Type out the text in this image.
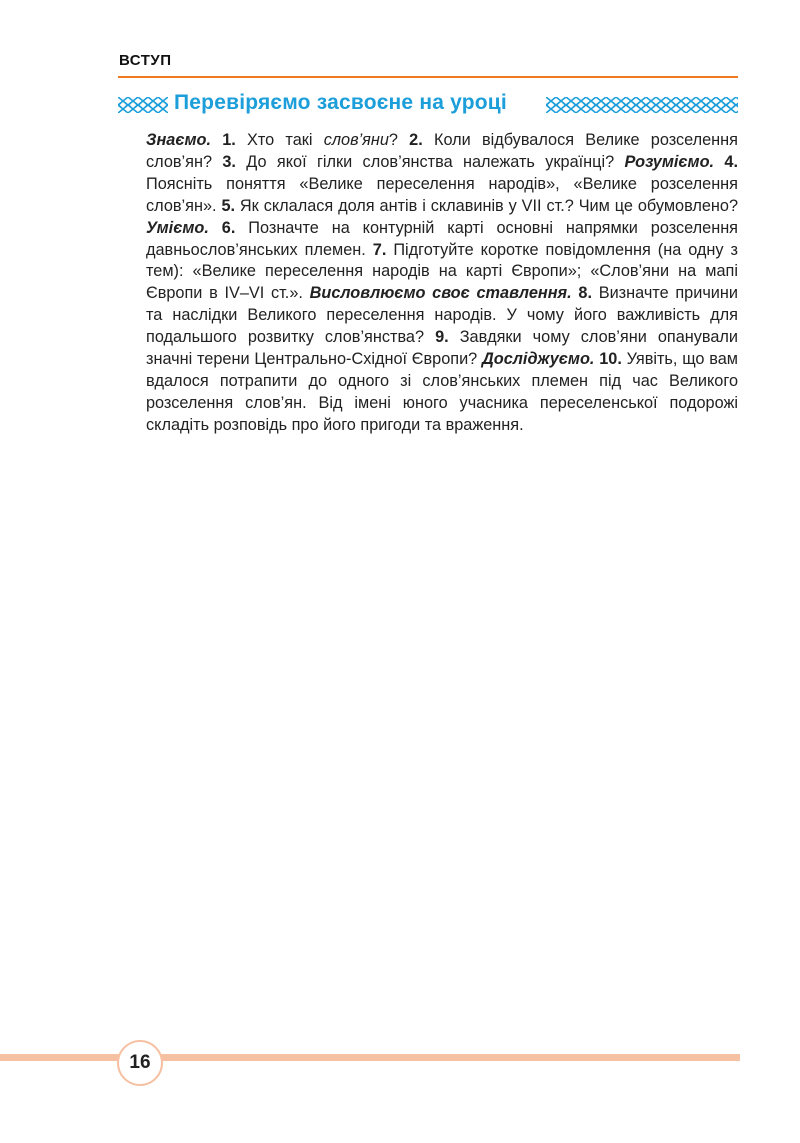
ВСТУП
Перевіряємо засвоєне на уроці
Знаємо. 1. Хто такі слов’яни? 2. Коли відбувалося Велике розселення слов’ян? 3. До якої гілки слов’янства належать українці? Розуміємо. 4. Поясніть поняття «Велике переселення народів», «Велике розселення слов’ян». 5. Як склалася доля антів і склавинів у VII ст.? Чим це обумовлено? Уміємо. 6. Позначте на контурній карті основні напрямки розселення давньослов’янських племен. 7. Підготуйте коротке повідомлення (на одну з тем): «Велике переселення народів на карті Європи»; «Слов’яни на мапі Європи в IV–VI ст.». Висловлюємо своє ставлення. 8. Визначте причини та наслідки Великого переселення народів. У чому його важливість для подальшого розвитку слов’янства? 9. Завдяки чому слов’яни опанували значні терени Центрально-Східної Європи? Досліджуємо. 10. Уявіть, що вам вдалося потрапити до одного зі слов’янських племен під час Великого розселення слов’ян. Від імені юного учасника переселенської подорожі складіть розповідь про його пригоди та враження.
16
